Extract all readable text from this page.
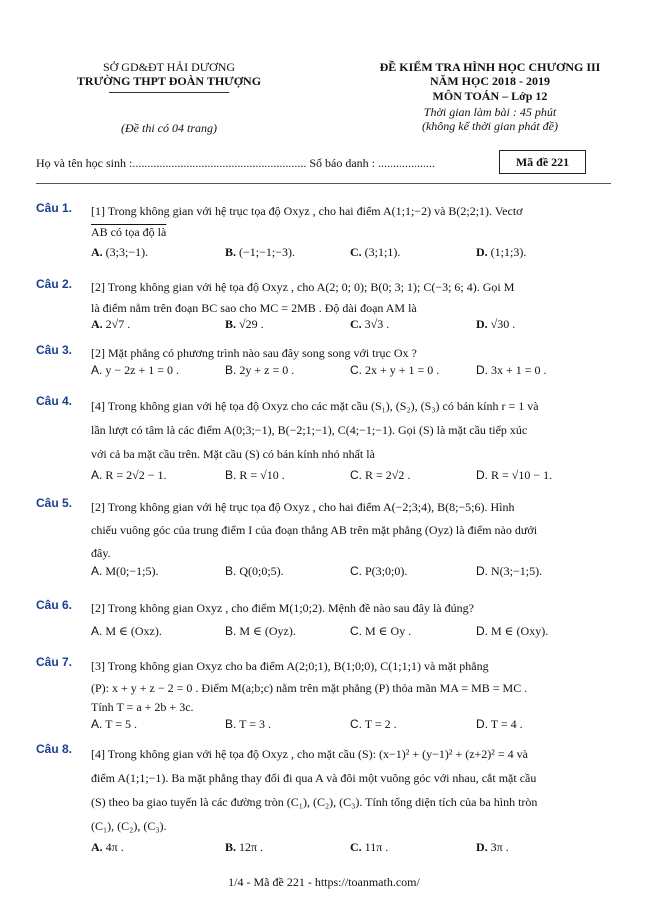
SỞ GD&ĐT HẢI DƯƠNG
TRƯỜNG THPT ĐOÀN THƯỢNG
(Đề thi có 04 trang)
ĐỀ KIỂM TRA HÌNH HỌC CHƯƠNG III
NĂM HỌC 2018 - 2019
MÔN TOÁN – Lớp 12
Thời gian làm bài : 45 phút
(không kể thời gian phát đề)
Họ và tên học sinh :.......................................................... Số báo danh : ...................	Mã đề 221
Câu 1. [1] Trong không gian với hệ trục tọa độ Oxyz , cho hai điểm A(1;1;−2) và B(2;2;1). Vectơ
AB có tọa độ là
A. (3;3;−1).	B. (−1;−1;−3).	C. (3;1;1).	D. (1;1;3).
Câu 2. [2] Trong không gian với hệ tọa độ Oxyz , cho A(2; 0; 0); B(0; 3; 1); C(−3; 6; 4). Gọi M
là điểm nằm trên đoạn BC sao cho MC = 2MB . Độ dài đoạn AM là
A. 2√7 .	B. √29 .	C. 3√3 .	D. √30 .
Câu 3. [2] Mặt phẳng có phương trình nào sau đây song song với trục Ox ?
A. y − 2z + 1 = 0 .	B. 2y + z = 0 .	C. 2x + y + 1 = 0 .	D. 3x + 1 = 0 .
Câu 4. [4] Trong không gian với hệ tọa độ Oxyz cho các mặt cầu (S₁), (S₂), (S₃) có bán kính r = 1 và
lần lượt có tâm là các điểm A(0;3;−1), B(−2;1;−1), C(4;−1;−1). Gọi (S) là mặt cầu tiếp xúc
với cả ba mặt cầu trên. Mặt cầu (S) có bán kính nhỏ nhất là
A. R = 2√2 − 1.	B. R = √10 .	C. R = 2√2 .	D. R = √10 − 1.
Câu 5. [2] Trong không gian với hệ trục tọa độ Oxyz , cho hai điểm A(−2;3;4), B(8;−5;6). Hình
chiếu vuông góc của trung điểm I của đoạn thẳng AB trên mặt phẳng (Oyz) là điểm nào dưới
đây.
A. M(0;−1;5).	B. Q(0;0;5).	C. P(3;0;0).	D. N(3;−1;5).
Câu 6. [2] Trong không gian Oxyz , cho điểm M(1;0;2). Mệnh đề nào sau đây là đúng?
A. M ∈ (Oxz).	B. M ∈ (Oyz).	C. M ∈ Oy .	D. M ∈ (Oxy).
Câu 7. [3] Trong không gian Oxyz cho ba điểm A(2;0;1), B(1;0;0), C(1;1;1) và mặt phẳng
(P): x + y + z − 2 = 0 . Điểm M(a;b;c) nằm trên mặt phẳng (P) thỏa mãn MA = MB = MC .
Tính T = a + 2b + 3c.
A. T = 5 .	B. T = 3 .	C. T = 2 .	D. T = 4 .
Câu 8. [4] Trong không gian với hệ tọa độ Oxyz , cho mặt cầu (S): (x−1)² + (y−1)² + (z+2)² = 4 và
điểm A(1;1;−1). Ba mặt phẳng thay đổi đi qua A và đôi một vuông góc với nhau, cắt mặt cầu
(S) theo ba giao tuyến là các đường tròn (C₁), (C₂), (C₃). Tính tổng diện tích của ba hình tròn
(C₁), (C₂), (C₃).
A. 4π .	B. 12π .	C. 11π .	D. 3π .
1/4 - Mã đề 221 - https://toanmath.com/
